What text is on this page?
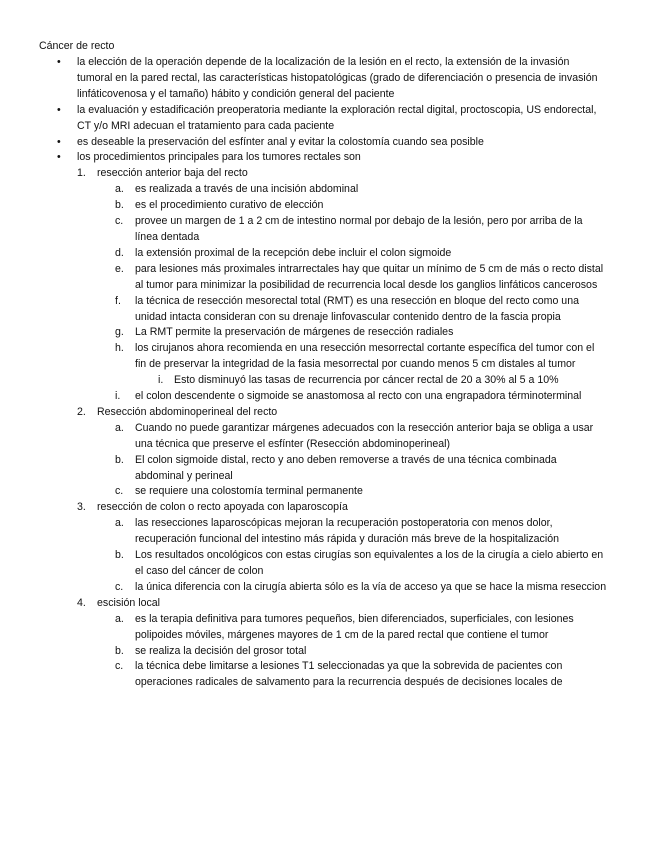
Cáncer de recto
• la elección de la operación depende de la localización de la lesión en el recto, la extensión de la invasión tumoral en la pared rectal, las características histopatológicas (grado de diferenciación o presencia de invasión linfáticovenosa y el tamaño) hábito y condición general del paciente
• la evaluación y estadificación preoperatoria mediante la exploración rectal digital, proctoscopia, US endorectal, CT y/o MRI adecuan el tratamiento para cada paciente
• es deseable la preservación del esfínter anal y evitar la colostomía cuando sea posible
• los procedimientos principales para los tumores rectales son
1. resección anterior baja del recto
a. es realizada a través de una incisión abdominal
b. es el procedimiento curativo de elección
c. provee un margen de 1 a 2 cm de intestino normal por debajo de la lesión, pero por arriba de la línea dentada
d. la extensión proximal de la recepción debe incluir el colon sigmoide
e. para lesiones más proximales intrarrectales hay que quitar un mínimo de 5 cm de más o recto distal al tumor para minimizar la posibilidad de recurrencia local desde los ganglios linfáticos cancerosos
f. la técnica de resección mesorectal total (RMT) es una resección en bloque del recto como una unidad intacta consideran con su drenaje linfovascular contenido dentro de la fascia propia
g. La RMT permite la preservación de márgenes de resección radiales
h. los cirujanos ahora recomienda en una resección mesorrectal cortante específica del tumor con el fin de preservar la integridad de la fasia mesorrectal por cuando menos 5 cm distales al tumor
i. Esto disminuyó las tasas de recurrencia por cáncer rectal de 20 a 30% al 5 a 10%
i. el colon descendente o sigmoide se anastomosa al recto con una engrapadora términoterminal
2. Resección abdominoperineal del recto
a. Cuando no puede garantizar márgenes adecuados con la resección anterior baja se obliga a usar una técnica que preserve el esfínter (Resección abdominoperineal)
b. El colon sigmoide distal, recto y ano deben removerse a través de una técnica combinada abdominal y perineal
c. se requiere una colostomía terminal permanente
3. resección de colon o recto apoyada con laparoscopía
a. las resecciones laparoscópicas mejoran la recuperación postoperatoria con menos dolor, recuperación funcional del intestino más rápida y duración más breve de la hospitalización
b. Los resultados oncológicos con estas cirugías son equivalentes a los de la cirugía a cielo abierto en el caso del cáncer de colon
c. la única diferencia con la cirugía abierta sólo es la vía de acceso ya que se hace la misma reseccion
4. escisión local
a. es la terapia definitiva para tumores pequeños, bien diferenciados, superficiales, con lesiones polipoides móviles, márgenes mayores de 1 cm de la pared rectal que contiene el tumor
b. se realiza la decisión del grosor total
c. la técnica debe limitarse a lesiones T1 seleccionadas ya que la sobrevida de pacientes con operaciones radicales de salvamento para la recurrencia después de decisiones locales de
